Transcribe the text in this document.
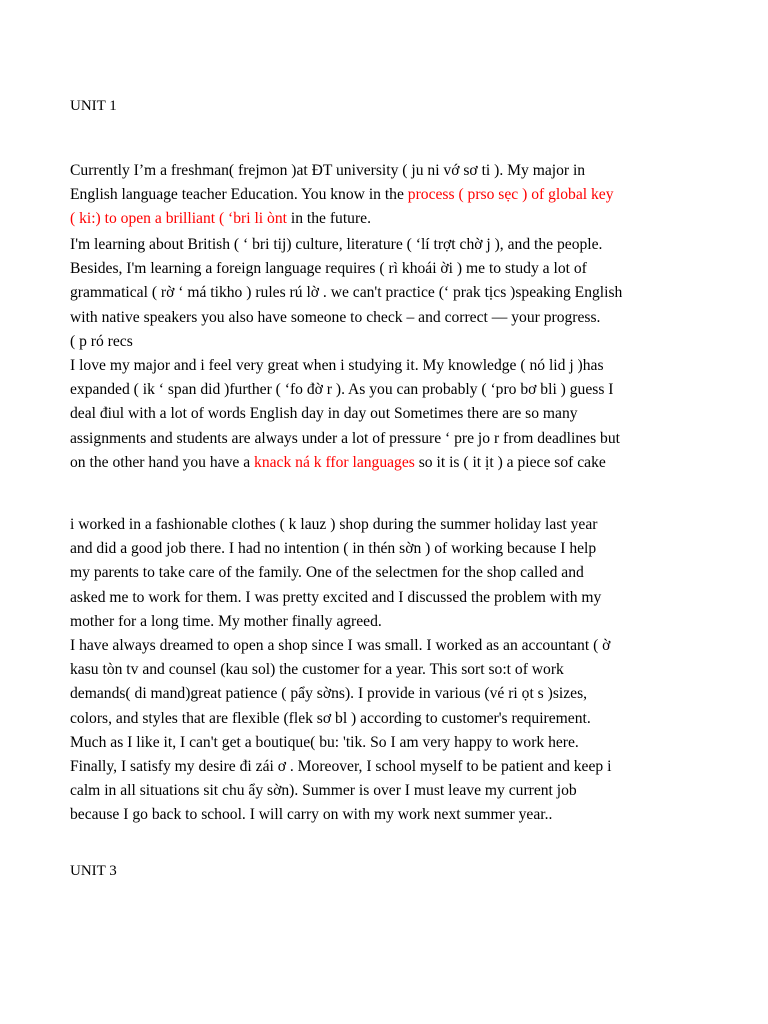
UNIT 1

Currently I’m a freshman( frejmon )at ĐT university ( ju ni vớ sơ ti ). My major in
English language teacher Education. You know in the process ( prso sẹc ) of global key
( ki:) to open a brilliant ( ‘bri li ònt in the future.

I'm learning about British ( ‘ bri tij) culture, literature ( ‘lí trợt chờ j ), and the people.
Besides, I'm learning a foreign language requires ( rì khoái ời ) me to study a lot of
grammatical ( rờ ‘ má tikho ) rules rú lờ . we can't practice (‘ prak tịcs )speaking English
with native speakers you also have someone to check – and correct — your progress.
( p ró recs

I love my major and i feel very great when i studying it. My knowledge ( nó lid j )has
expanded ( ik ‘ span did )further ( ‘fo đờ r ). As you can probably ( ‘pro bơ bli ) guess I
deal điul with a lot of words English day in day out Sometimes there are so many
assignments and students are always under a lot of pressure ‘ pre jo r from deadlines but
on the other hand you have a knack ná k ffor languages so it is ( it ịt ) a piece sof cake

i worked in a fashionable clothes ( k lauz ) shop during the summer holiday last year
and did a good job there. I had no intention ( in thén sờn ) of working because I help
my parents to take care of the family. One of the selectmen for the shop called and
asked me to work for them. I was pretty excited and I discussed the problem with my
mother for a long time. My mother finally agreed.

I have always dreamed to open a shop since I was small. I worked as an accountant ( ờ
kasu tòn tv and counsel (kau sol) the customer for a year. This sort so:t of work
demands( di mand)great patience ( pẩy sờns). I provide in various (vé ri ọt s )sizes,
colors, and styles that are flexible (flek sơ bl ) according to customer's requirement.
Much as I like it, I can't get a boutique( bu: 'tik. So I am very happy to work here.
Finally, I satisfy my desire đi zái ơ . Moreover, I school myself to be patient and keep i
calm in all situations sit chu ẩy sờn). Summer is over I must leave my current job
because I go back to school. I will carry on with my work next summer year..

UNIT 3
